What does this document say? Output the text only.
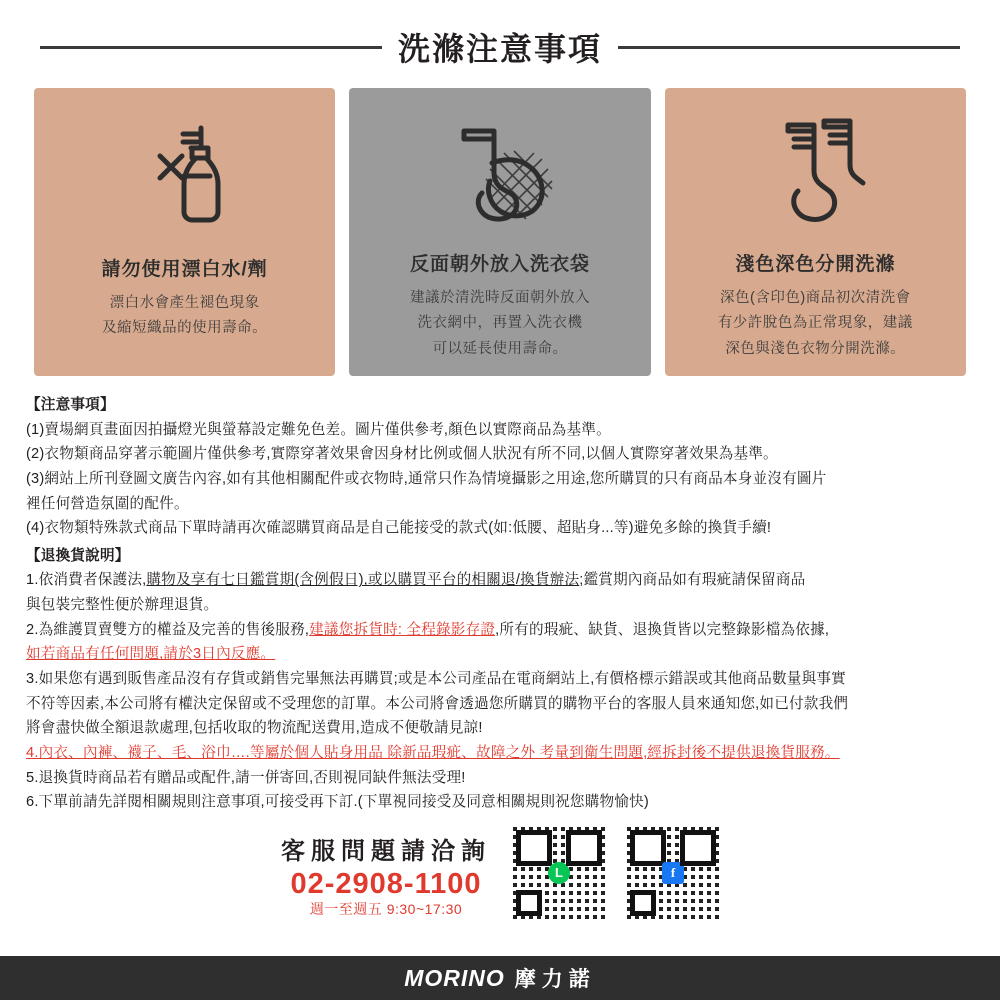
洗滌注意事項
請勿使用漂白水/劑
漂白水會產生褪色現象
及縮短織品的使用壽命。
反面朝外放入洗衣袋
建議於清洗時反面朝外放入
洗衣網中，再置入洗衣機
可以延長使用壽命。
淺色深色分開洗滌
深色(含印色)商品初次清洗會
有少許脫色為正常現象，建議
深色與淺色衣物分開洗滌。

【注意事項】

(1)賣場網頁畫面因拍攝燈光與螢幕設定難免色差。圖片僅供參考,顏色以實際商品為基準。

(2)衣物類商品穿著示範圖片僅供參考,實際穿著效果會因身材比例或個人狀況有所不同,以個人實際穿著效果為基準。

(3)網站上所刊登圖文廣告內容,如有其他相關配件或衣物時,通常只作為情境攝影之用途,您所購買的只有商品本身並沒有圖片

裡任何營造氛圍的配件。

(4)衣物類特殊款式商品下單時請再次確認購買商品是自己能接受的款式(如:低腰、超貼身...等)避免多餘的換貨手續!

【退換貨說明】

1.依消費者保護法,購物及享有七日鑑賞期(含例假日),或以購買平台的相關退/換貨辦法;鑑賞期內商品如有瑕疵請保留商品

與包裝完整性便於辦理退貨。

2.為維護買賣雙方的權益及完善的售後服務,建議您拆貨時: 全程錄影存證,所有的瑕疵、缺貨、退換貨皆以完整錄影檔為依據,

如若商品有任何問題,請於3日內反應。

3.如果您有遇到販售產品沒有存貨或銷售完畢無法再購買;或是本公司產品在電商網站上,有價格標示錯誤或其他商品數量與事實

不符等因素,本公司將有權決定保留或不受理您的訂單。本公司將會透過您所購買的購物平台的客服人員來通知您,如已付款我們

將會盡快做全額退款處理,包括收取的物流配送費用,造成不便敬請見諒!

4.內衣、內褲、襪子、毛、浴巾….等屬於個人貼身用品 除新品瑕疵、故障之外 考量到衛生問題,經拆封後不提供退換貨服務。

5.退換貨時商品若有贈品或配件,請一併寄回,否則視同缺件無法受理!

6.下單前請先詳閱相關規則注意事項,可接受再下訂.(下單視同接受及同意相關規則祝您購物愉快)

客服問題請洽詢
02-2908-1100
週一至週五 9:30~17:30
L	f
MORINO 摩力諾
